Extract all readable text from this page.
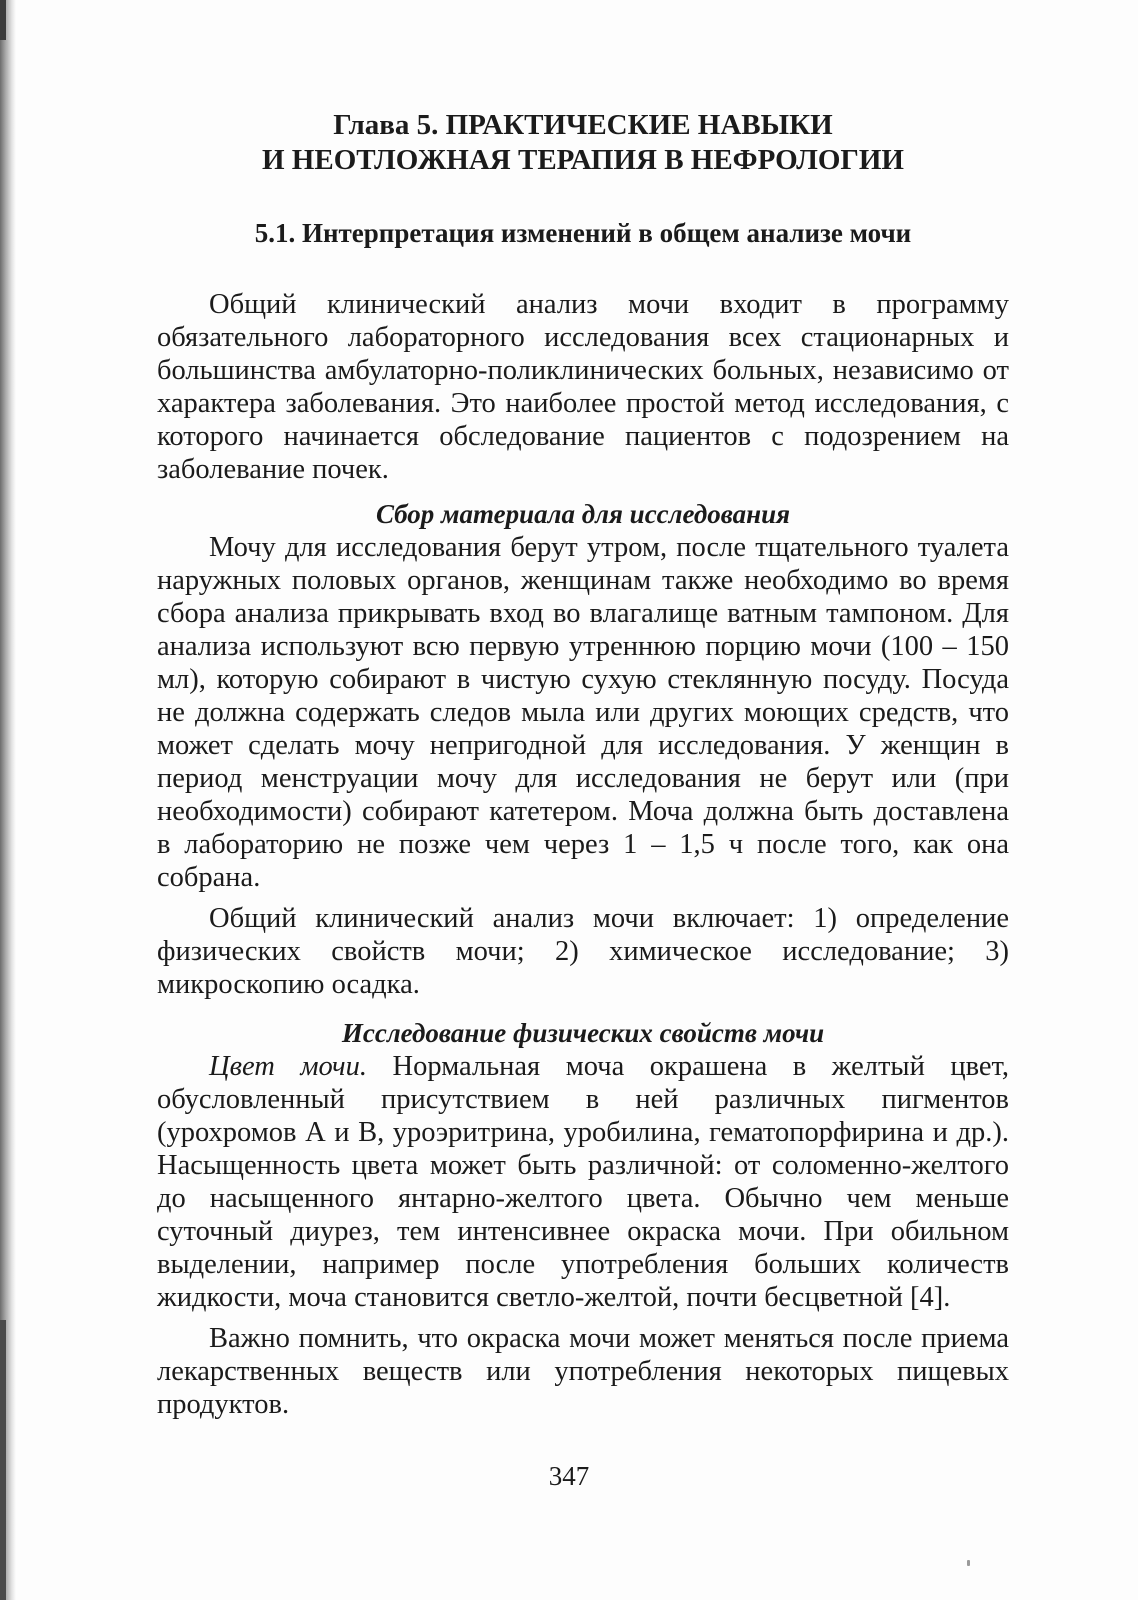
Глава 5. ПРАКТИЧЕСКИЕ НАВЫКИ
И НЕОТЛОЖНАЯ ТЕРАПИЯ В НЕФРОЛОГИИ
5.1. Интерпретация изменений в общем анализе мочи

Общий клинический анализ мочи входит в программу обязательного лабораторного исследования всех стационарных и большинства амбулаторно-поликлинических больных, независимо от характера заболевания. Это наиболее простой метод исследования, с которого начинается обследование пациентов с подозрением на заболевание почек.

Сбор материала для исследования

Мочу для исследования берут утром, после тщательного туалета наружных половых органов, женщинам также необходимо во время сбора анализа прикрывать вход во влагалище ватным тампоном. Для анализа используют всю первую утреннюю порцию мочи (100 – 150 мл), которую собирают в чистую сухую стеклянную посуду. Посуда не должна содержать следов мыла или других моющих средств, что может сделать мочу непригодной для исследования. У женщин в период менструации мочу для исследования не берут или (при необходимости) собирают катетером. Моча должна быть доставлена в лабораторию не позже чем через 1 – 1,5 ч после того, как она собрана.

Общий клинический анализ мочи включает: 1) определение физических свойств мочи; 2) химическое исследование; 3) микроскопию осадка.

Исследование физических свойств мочи

Цвет мочи. Нормальная моча окрашена в желтый цвет, обусловленный присутствием в ней различных пигментов (урохромов А и В, уроэритрина, уробилина, гематопорфирина и др.). Насыщенность цвета может быть различной: от соломенно-желтого до насыщенного янтарно-желтого цвета. Обычно чем меньше суточный диурез, тем интенсивнее окраска мочи. При обильном выделении, например после употребления больших количеств жидкости, моча становится светло-желтой, почти бесцветной [4].

Важно помнить, что окраска мочи может меняться после приема лекарственных веществ или употребления некоторых пищевых продуктов.

347
